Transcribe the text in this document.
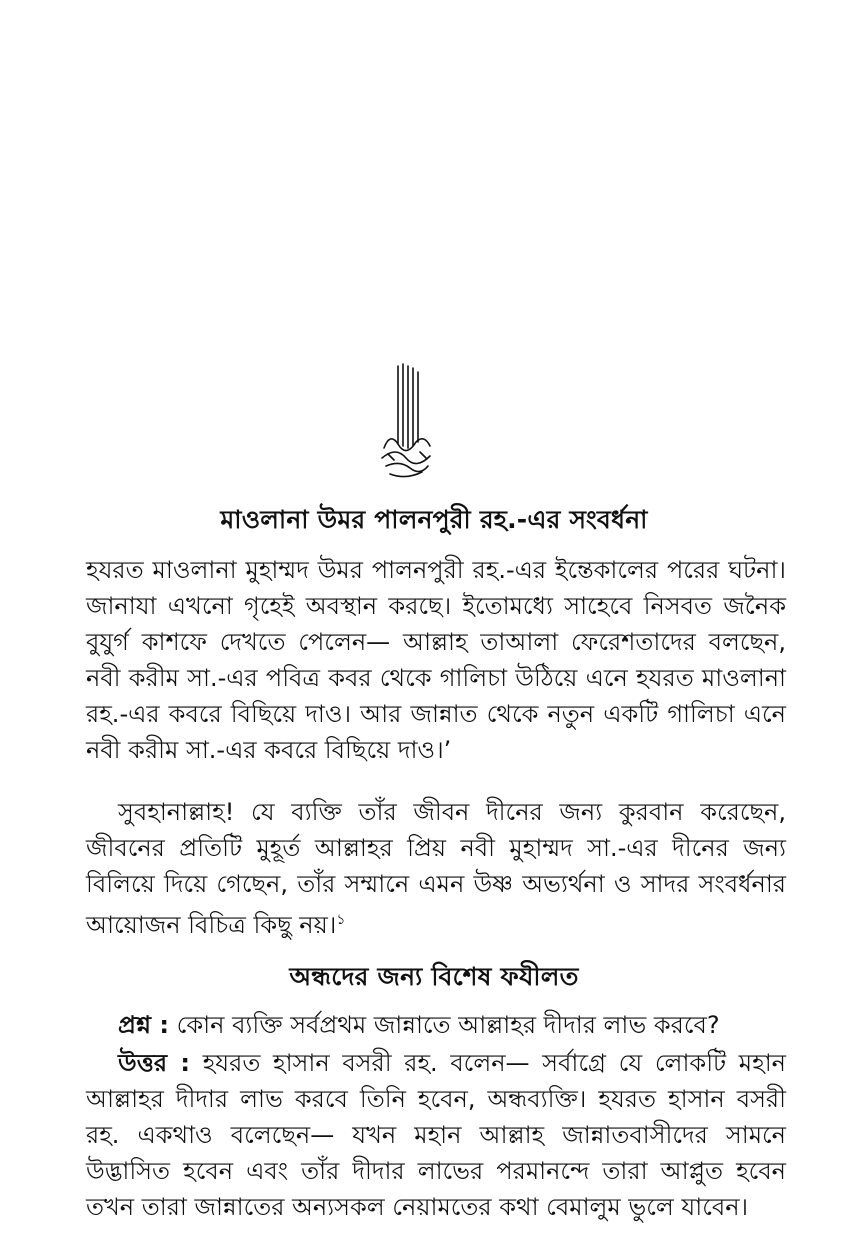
মাওলানা উমর পালনপুরী রহ.-এর সংবর্ধনা

হযরত মাওলানা মুহাম্মদ উমর পালনপুরী রহ.-এর ইন্তেকালের পরের ঘটনা। জানাযা এখনো গৃহেই অবস্থান করছে। ইতোমধ্যে সাহেবে নিসবত জনৈক বুযুর্গ কাশফে দেখতে পেলেন— আল্লাহ তাআলা ফেরেশতাদের বলছেন, নবী করীম সা.-এর পবিত্র কবর থেকে গালিচা উঠিয়ে এনে হযরত মাওলানা রহ.-এর কবরে বিছিয়ে দাও। আর জান্নাত থেকে নতুন একটি গালিচা এনে নবী করীম সা.-এর কবরে বিছিয়ে দাও।’

সুবহানাল্লাহ! যে ব্যক্তি তাঁর জীবন দীনের জন্য কুরবান করেছেন, জীবনের প্রতিটি মুহূর্ত আল্লাহর প্রিয় নবী মুহাম্মদ সা.-এর দীনের জন্য বিলিয়ে দিয়ে গেছেন, তাঁর সম্মানে এমন উষ্ণ অভ্যর্থনা ও সাদর সংবর্ধনার আয়োজন বিচিত্র কিছু নয়।$^১$

অন্ধদের জন্য বিশেষ ফযীলত

প্রশ্ন : কোন ব্যক্তি সর্বপ্রথম জান্নাতে আল্লাহর দীদার লাভ করবে?

উত্তর : হযরত হাসান বসরী রহ. বলেন— সর্বাগ্রে যে লোকটি মহান আল্লাহর দীদার লাভ করবে তিনি হবেন, অন্ধব্যক্তি। হযরত হাসান বসরী রহ. একথাও বলেছেন— যখন মহান আল্লাহ জান্নাতবাসীদের সামনে উদ্ভাসিত হবেন এবং তাঁর দীদার লাভের পরমানন্দে তারা আপ্লুত হবেন তখন তারা জান্নাতের অন্যসকল নেয়ামতের কথা বেমালুম ভুলে যাবেন।
